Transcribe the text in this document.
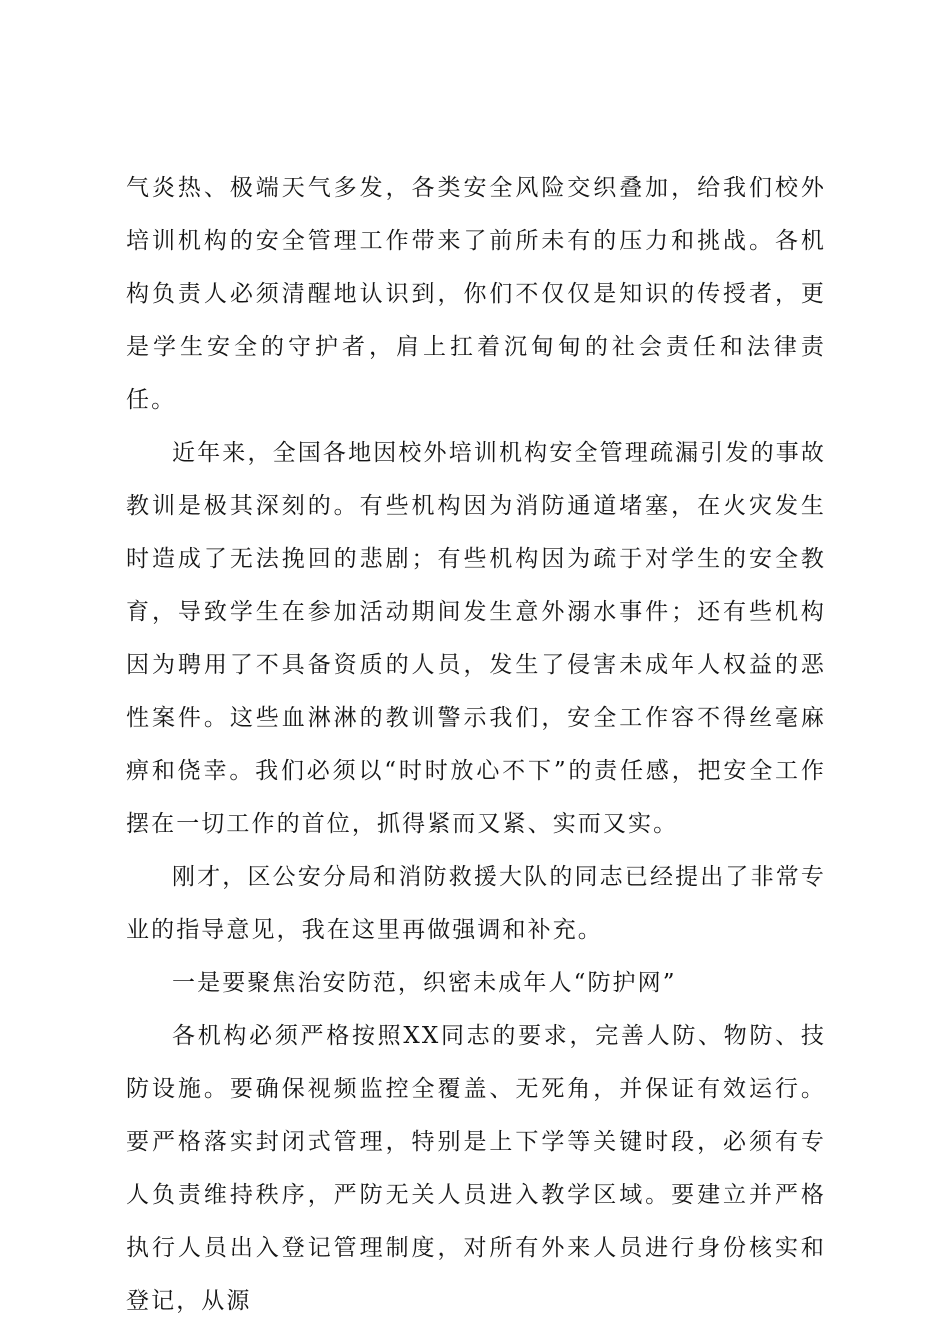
气炎热、极端天气多发，各类安全风险交织叠加，给我们校外培训机构的安全管理工作带来了前所未有的压力和挑战。各机构负责人必须清醒地认识到，你们不仅仅是知识的传授者，更是学生安全的守护者，肩上扛着沉甸甸的社会责任和法律责任。

近年来，全国各地因校外培训机构安全管理疏漏引发的事故教训是极其深刻的。有些机构因为消防通道堵塞，在火灾发生时造成了无法挽回的悲剧；有些机构因为疏于对学生的安全教育，导致学生在参加活动期间发生意外溺水事件；还有些机构因为聘用了不具备资质的人员，发生了侵害未成年人权益的恶性案件。这些血淋淋的教训警示我们，安全工作容不得丝毫麻痹和侥幸。我们必须以“时时放心不下”的责任感，把安全工作摆在一切工作的首位，抓得紧而又紧、实而又实。

刚才，区公安分局和消防救援大队的同志已经提出了非常专业的指导意见，我在这里再做强调和补充。

一是要聚焦治安防范，织密未成年人“防护网”

各机构必须严格按照XX同志的要求，完善人防、物防、技防设施。要确保视频监控全覆盖、无死角，并保证有效运行。要严格落实封闭式管理，特别是上下学等关键时段，必须有专人负责维持秩序，严防无关人员进入教学区域。要建立并严格执行人员出入登记管理制度，对所有外来人员进行身份核实和登记，从源
